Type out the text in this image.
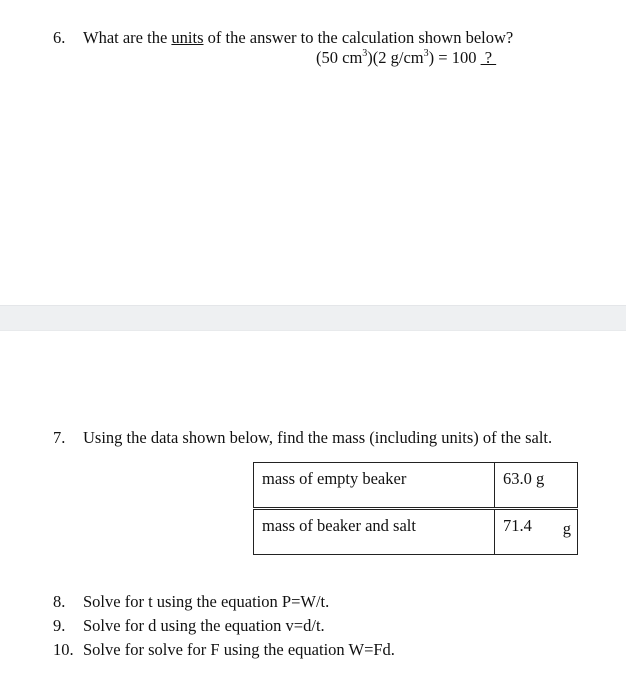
6. What are the units of the answer to the calculation shown below?
(50 $cm^3)(2$ $g/cm^3) = 100$  ?
7. Using the data shown below, find the mass (including units) of the salt.
mass of empty beaker	63.0 g
mass of beaker and salt	71.4 g
8. Solve for t using the equation P=W/t.
9. Solve for d using the equation v=d/t.
10. Solve for solve for F using the equation W=Fd.
